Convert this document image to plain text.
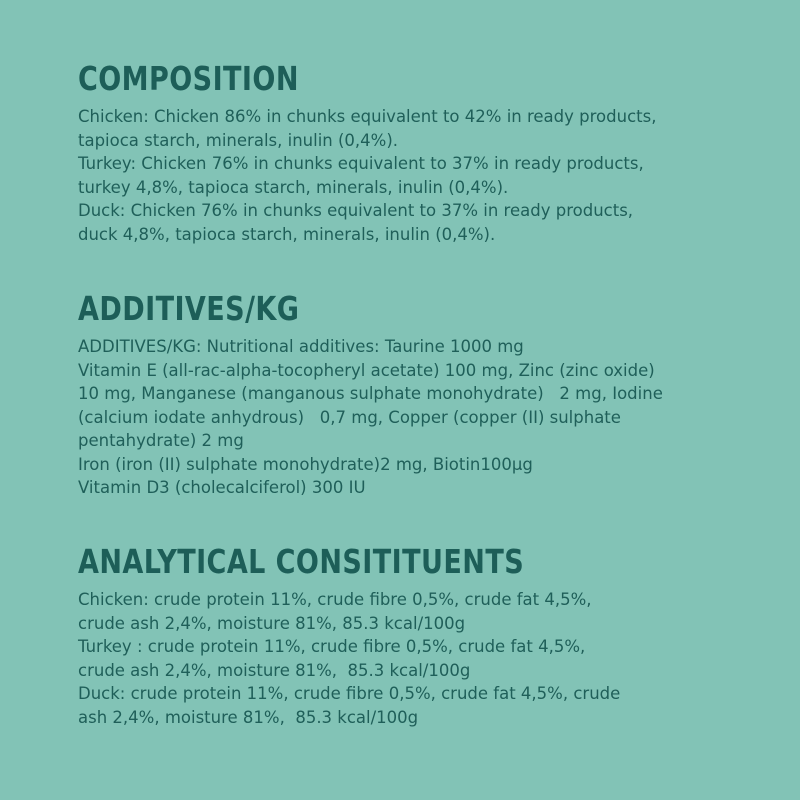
COMPOSITION
Chicken: Chicken 86% in chunks equivalent to 42% in ready products,
tapioca starch, minerals, inulin (0,4%).
Turkey: Chicken 76% in chunks equivalent to 37% in ready products,
turkey 4,8%, tapioca starch, minerals, inulin (0,4%).
Duck: Chicken 76% in chunks equivalent to 37% in ready products,
duck 4,8%, tapioca starch, minerals, inulin (0,4%).
ADDITIVES/KG
ADDITIVES/KG: Nutritional additives: Taurine 1000 mg
Vitamin E (all-rac-alpha-tocopheryl acetate) 100 mg, Zinc (zinc oxide)
10 mg, Manganese (manganous sulphate monohydrate)   2 mg, Iodine
(calcium iodate anhydrous)   0,7 mg, Copper (copper (II) sulphate
pentahydrate) 2 mg
Iron (iron (II) sulphate monohydrate)2 mg, Biotin100µg
Vitamin D3 (cholecalciferol) 300 IU
ANALYTICAL CONSITITUENTS
Chicken: crude protein 11%, crude fibre 0,5%, crude fat 4,5%,
crude ash 2,4%, moisture 81%, 85.3 kcal/100g
Turkey : crude protein 11%, crude fibre 0,5%, crude fat 4,5%,
crude ash 2,4%, moisture 81%,  85.3 kcal/100g
Duck: crude protein 11%, crude fibre 0,5%, crude fat 4,5%, crude
ash 2,4%, moisture 81%,  85.3 kcal/100g
